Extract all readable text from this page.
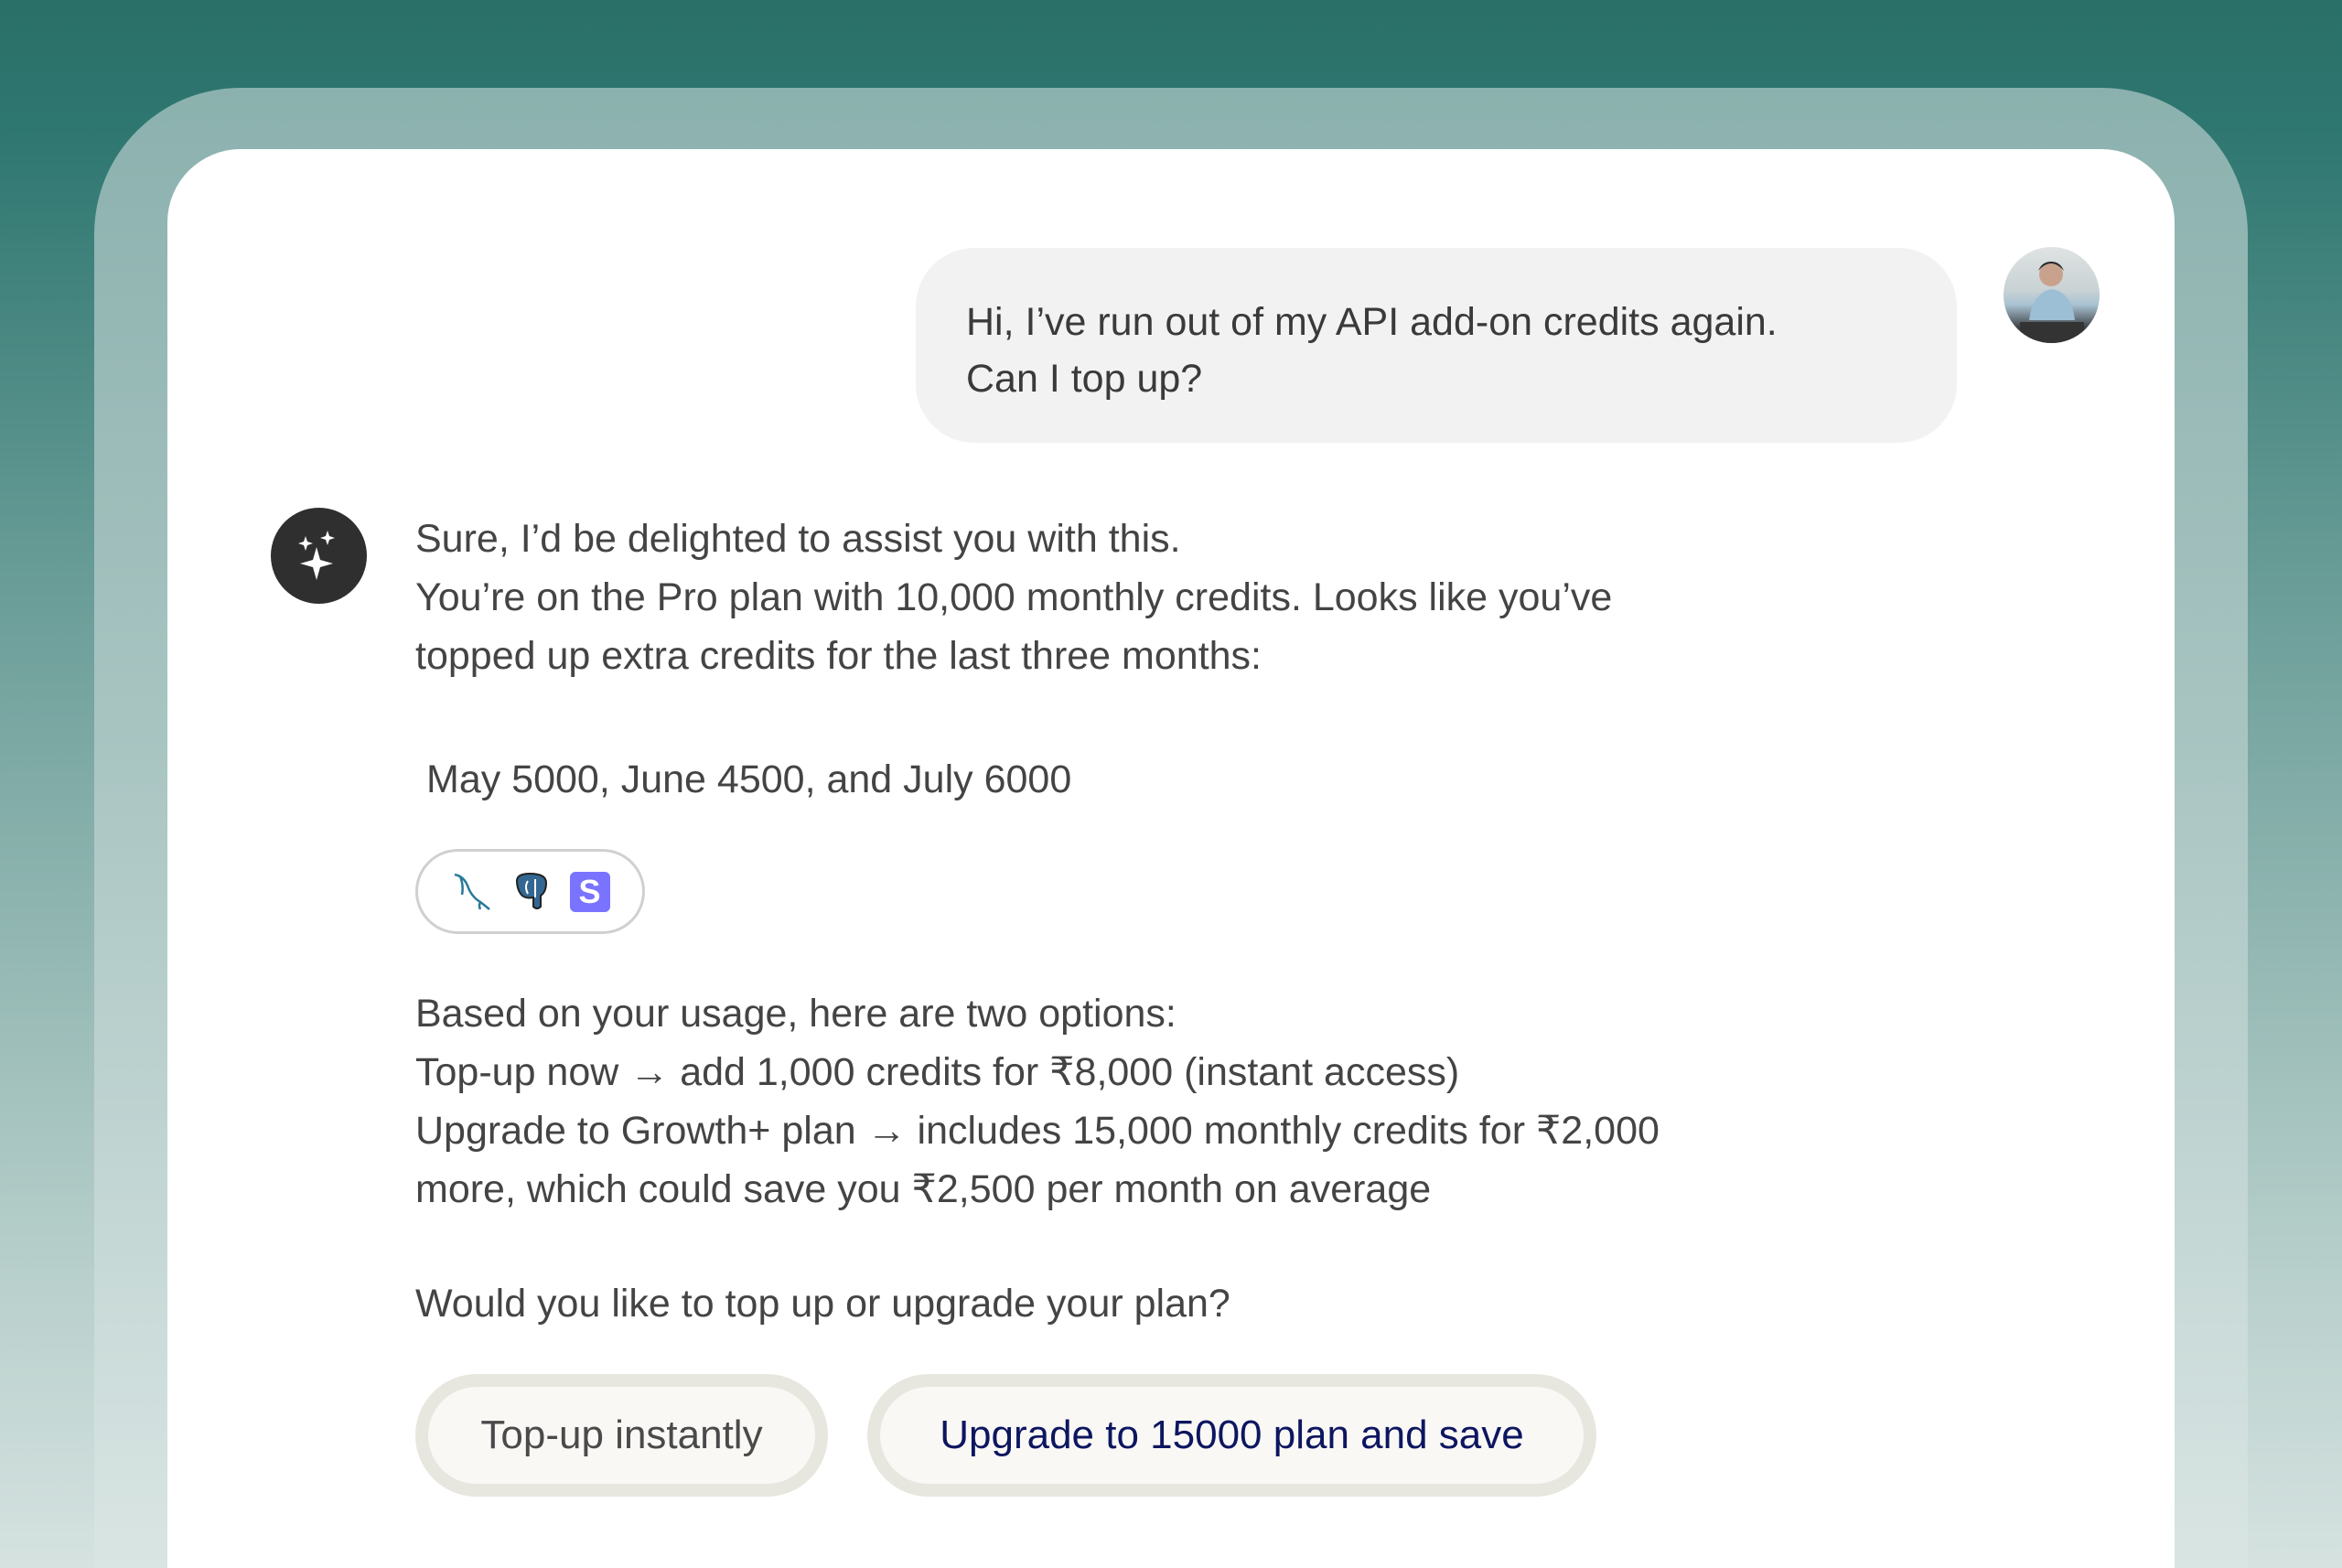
Hi, I’ve run out of my API add-on credits again.
Can I top up?
Sure, I’d be delighted to assist you with this.
You’re on the Pro plan with 10,000 monthly credits. Looks like you’ve
topped up extra credits for the last three months:
May 5000, June 4500, and July 6000
S
Based on your usage, here are two options:
Top-up now → add 1,000 credits for ₹8,000 (instant access)
Upgrade to Growth+ plan → includes 15,000 monthly credits for ₹2,000
more, which could save you ₹2,500 per month on average
Would you like to top up or upgrade your plan?
Top-up instantly	Upgrade to 15000 plan and save
